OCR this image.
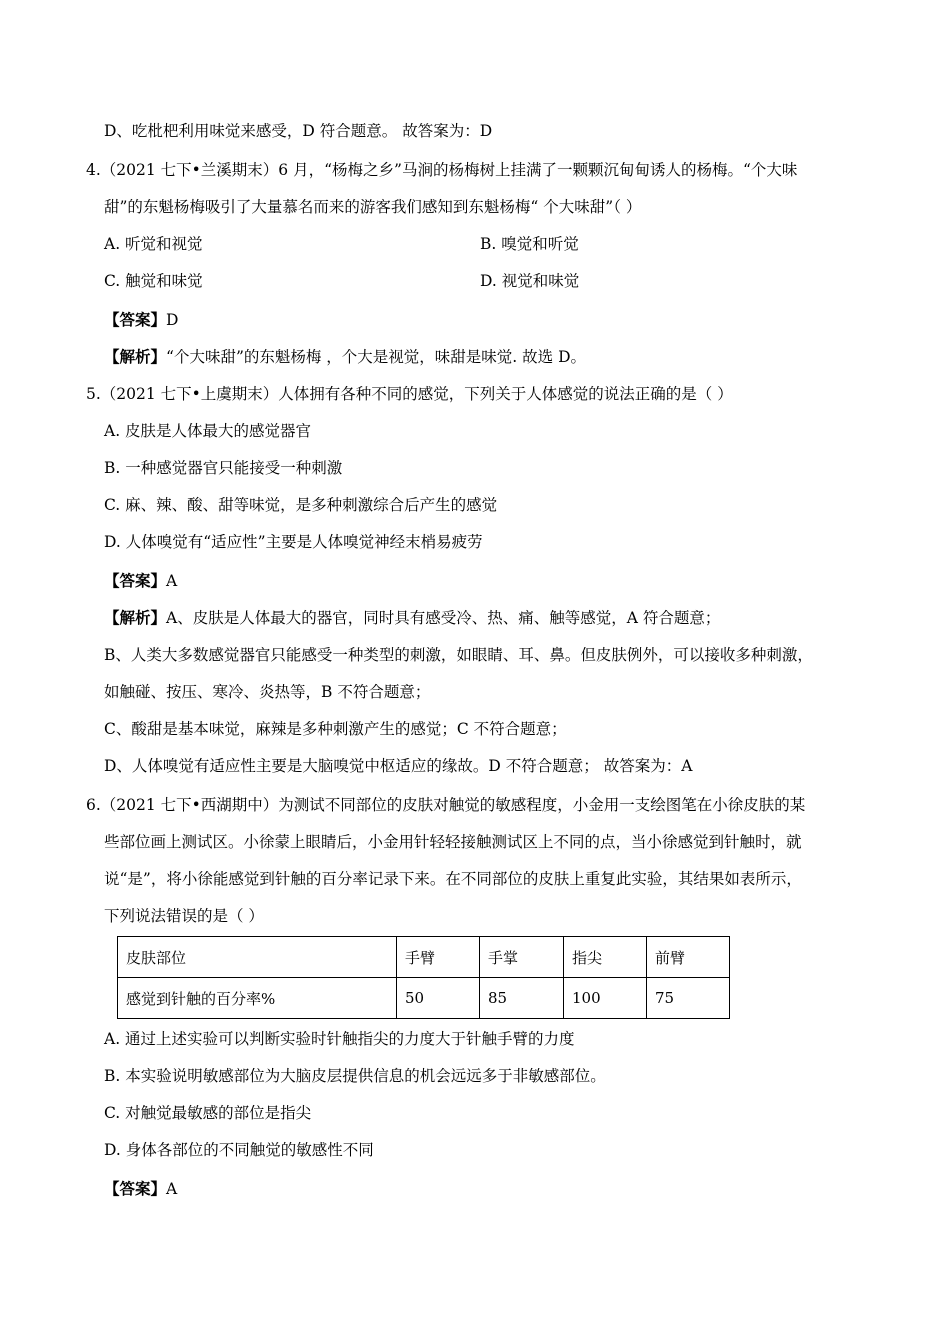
D、吃枇杷利用味觉来感受，D 符合题意。 故答案为：D
4.（2021 七下•兰溪期末）6 月，“杨梅之乡”马涧的杨梅树上挂满了一颗颗沉甸甸诱人的杨梅。“个大味
甜”的东魁杨梅吸引了大量慕名而来的游客我们感知到东魁杨梅“ 个大味甜”（ ）
A. 听觉和视觉	B. 嗅觉和听觉
C. 触觉和味觉	D. 视觉和味觉
【答案】D
【解析】“个大味甜”的东魁杨梅 ，个大是视觉，味甜是味觉. 故选 D。
5.（2021 七下•上虞期末）人体拥有各种不同的感觉，下列关于人体感觉的说法正确的是（ ）
A. 皮肤是人体最大的感觉器官
B. 一种感觉器官只能接受一种刺激
C. 麻、辣、酸、甜等味觉，是多种刺激综合后产生的感觉
D. 人体嗅觉有“适应性”主要是人体嗅觉神经末梢易疲劳
【答案】A
【解析】A、皮肤是人体最大的器官，同时具有感受冷、热、痛、触等感觉，A 符合题意；
B、人类大多数感觉器官只能感受一种类型的刺激，如眼睛、耳、鼻。但皮肤例外，可以接收多种刺激，
如触碰、按压、寒冷、炎热等，B 不符合题意；
C、酸甜是基本味觉，麻辣是多种刺激产生的感觉；C 不符合题意；
D、人体嗅觉有适应性主要是大脑嗅觉中枢适应的缘故。D 不符合题意； 故答案为：A
6.（2021 七下•西湖期中）为测试不同部位的皮肤对触觉的敏感程度，小金用一支绘图笔在小徐皮肤的某
些部位画上测试区。小徐蒙上眼睛后，小金用针轻轻接触测试区上不同的点，当小徐感觉到针触时，就
说“是”，将小徐能感觉到针触的百分率记录下来。在不同部位的皮肤上重复此实验，其结果如表所示，
下列说法错误的是（ ）
皮肤部位	手臂	手掌	指尖	前臂
感觉到针触的百分率%	50	85	100	75
A. 通过上述实验可以判断实验时针触指尖的力度大于针触手臂的力度
B. 本实验说明敏感部位为大脑皮层提供信息的机会远远多于非敏感部位。
C. 对触觉最敏感的部位是指尖
D. 身体各部位的不同触觉的敏感性不同
【答案】A
